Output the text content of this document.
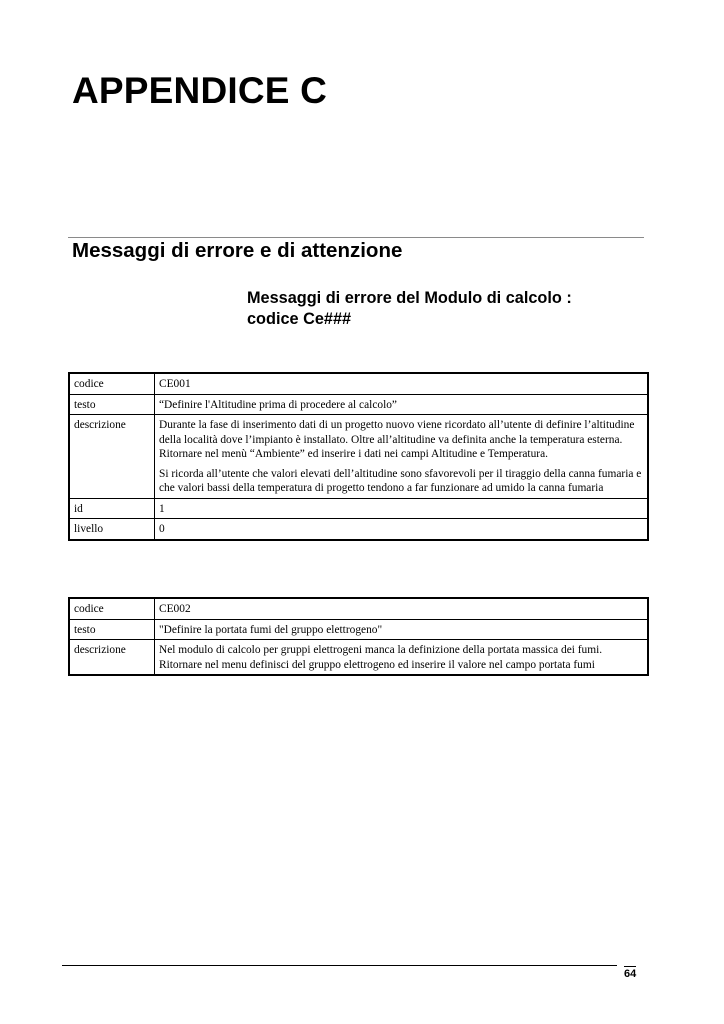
APPENDICE C
Messaggi di errore e di attenzione
Messaggi di errore del Modulo di calcolo :
codice Ce###
codice	CE001
testo	“Definire l'Altitudine prima di procedere al calcolo”
descrizione	Durante la fase di inserimento dati di un progetto nuovo viene ricordato all’utente di definire l’altitudine della località dove l’impianto è installato. Oltre all’altitudine va definita anche la temperatura esterna. Ritornare nel menù “Ambiente” ed inserire i dati nei campi Altitudine e Temperatura.

Si ricorda all’utente che valori elevati dell’altitudine sono sfavorevoli per il tiraggio della canna fumaria e che valori bassi della temperatura di progetto tendono a far funzionare ad umido la canna fumaria

id	1
livello	0
codice	CE002
testo	"Definire la portata fumi del gruppo elettrogeno"
descrizione	Nel modulo di calcolo per gruppi elettrogeni manca la definizione della portata massica dei fumi. Ritornare nel menu definisci del gruppo elettrogeno ed inserire il valore nel campo portata fumi

64
